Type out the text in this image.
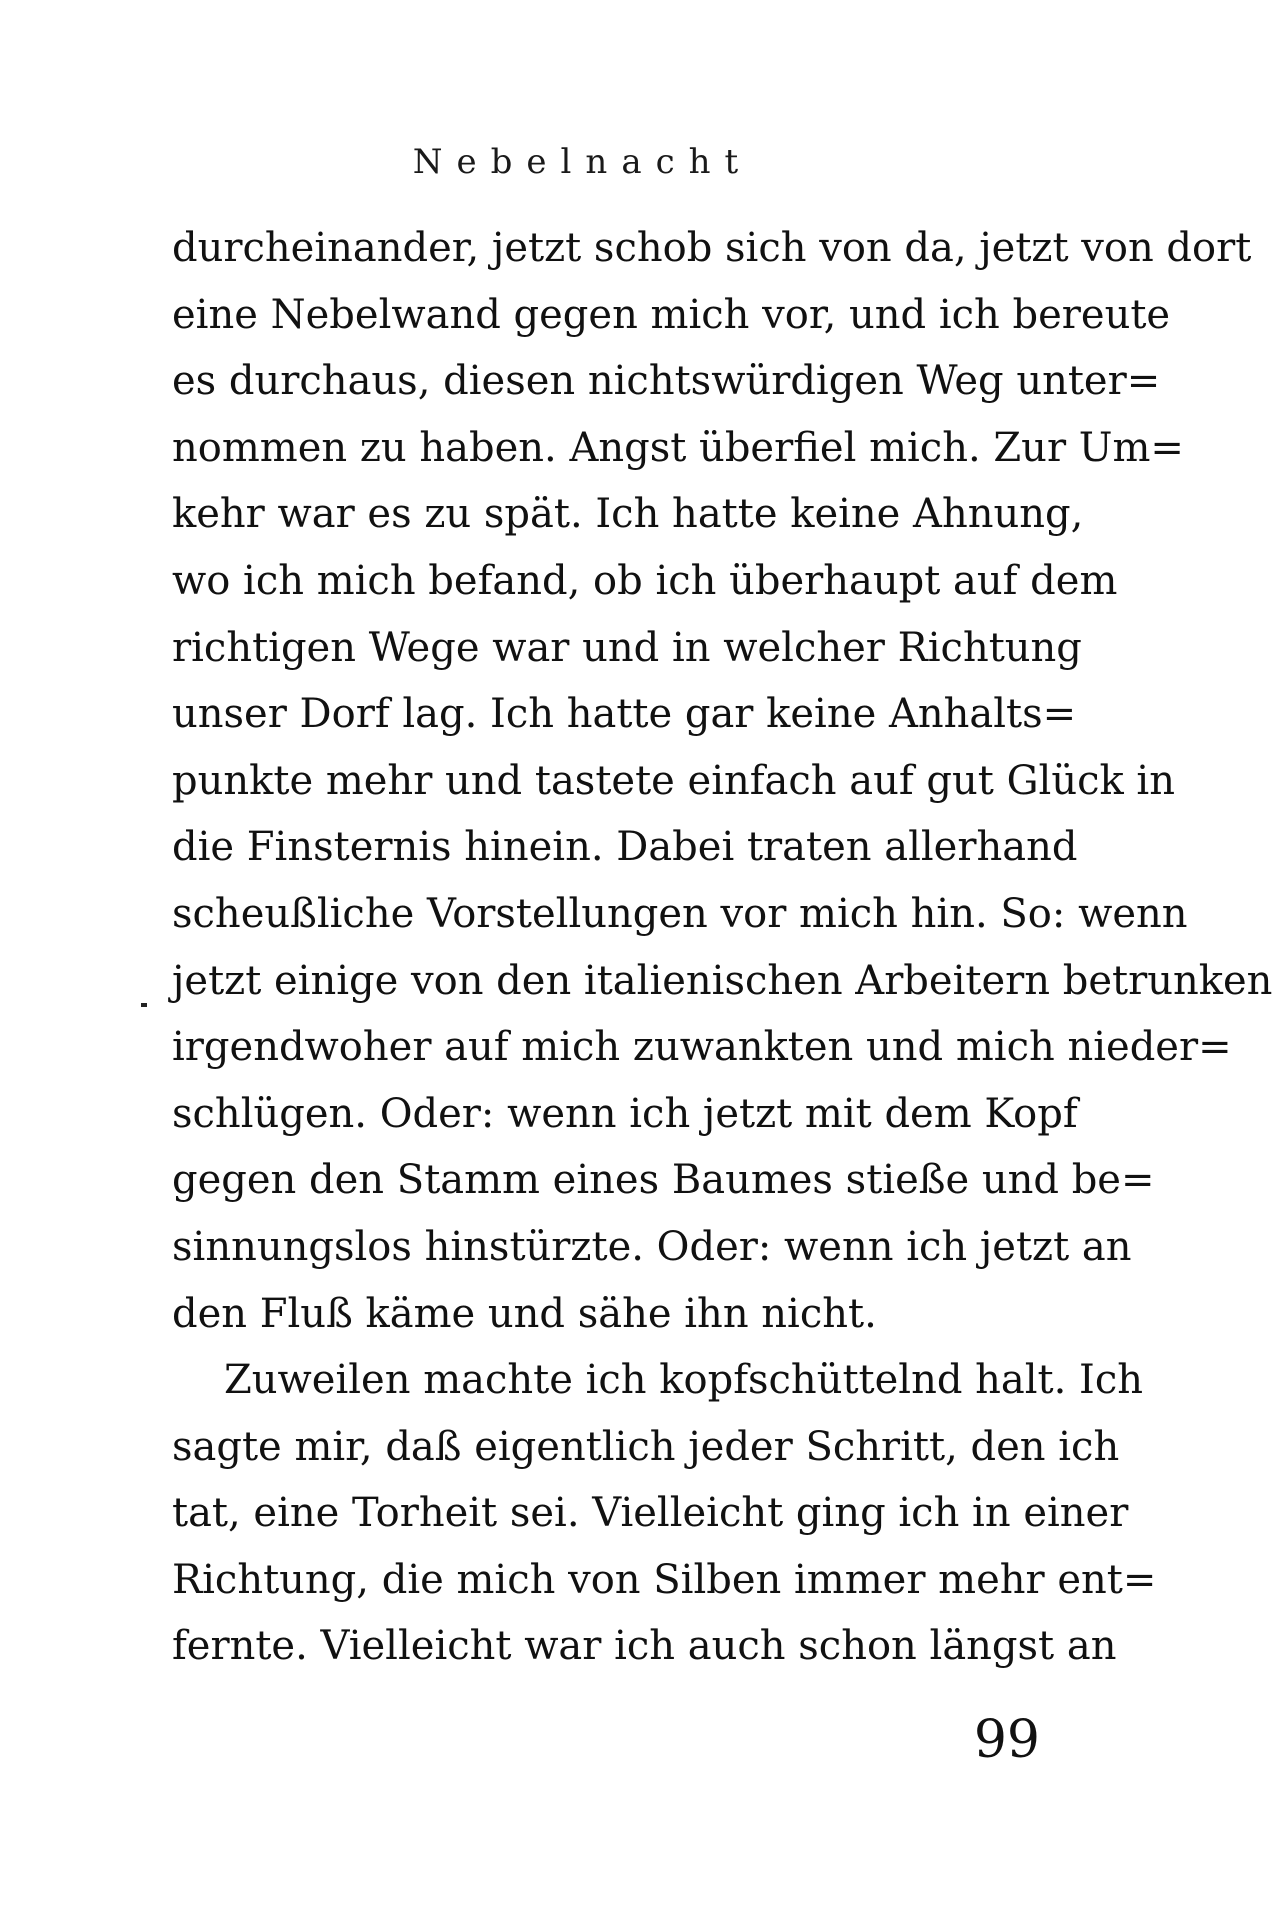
Nebelnacht
durcheinander, jetzt schob sich von da, jetzt von dort
eine Nebelwand gegen mich vor, und ich bereute
es durchaus, diesen nichtswürdigen Weg unter=
nommen zu haben. Angst überfiel mich. Zur Um=
kehr war es zu spät. Ich hatte keine Ahnung,
wo ich mich befand, ob ich überhaupt auf dem
richtigen Wege war und in welcher Richtung
unser Dorf lag. Ich hatte gar keine Anhalts=
punkte mehr und tastete einfach auf gut Glück in
die Finsternis hinein. Dabei traten allerhand
scheußliche Vorstellungen vor mich hin. So: wenn
jetzt einige von den italienischen Arbeitern betrunken
irgendwoher auf mich zuwankten und mich nieder=
schlügen. Oder: wenn ich jetzt mit dem Kopf
gegen den Stamm eines Baumes stieße und be=
sinnungslos hinstürzte. Oder: wenn ich jetzt an
den Fluß käme und sähe ihn nicht.
Zuweilen machte ich kopfschüttelnd halt. Ich
sagte mir, daß eigentlich jeder Schritt, den ich
tat, eine Torheit sei. Vielleicht ging ich in einer
Richtung, die mich von Silben immer mehr ent=
fernte. Vielleicht war ich auch schon längst an
99
